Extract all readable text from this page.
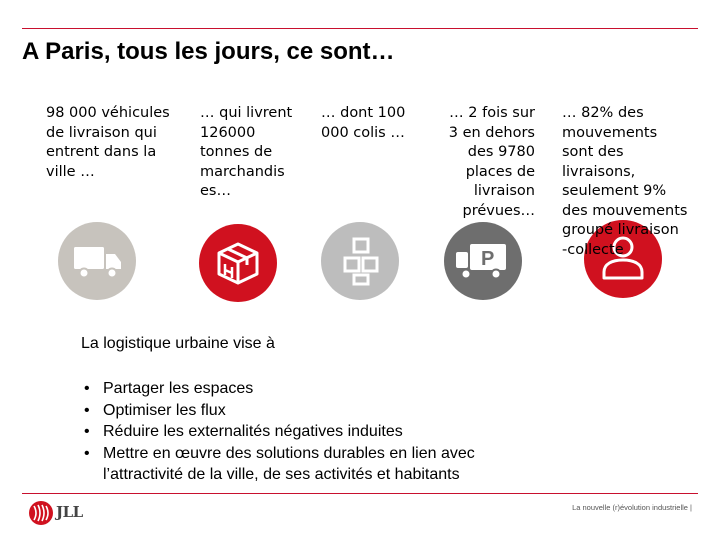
A Paris, tous les jours, ce sont…
98 000 véhicules
de livraison qui
entrent dans la
ville …
… qui livrent
126000
tonnes de
marchandis
es…
… dont 100
000 colis …
… 2 fois sur
3 en dehors
des 9780
places de
livraison
prévues…
P
… 82% des
mouvements
sont des
livraisons,
seulement 9%
des mouvements
groupé livraison
-collecte
La logistique urbaine vise à
• Partager les espaces
• Optimiser les flux
• Réduire les externalités négatives induites
• Mettre en œuvre des solutions durables en lien avec l’attractivité de la ville, de ses activités et habitants
JLL	La nouvelle (r)évolution industrielle |
